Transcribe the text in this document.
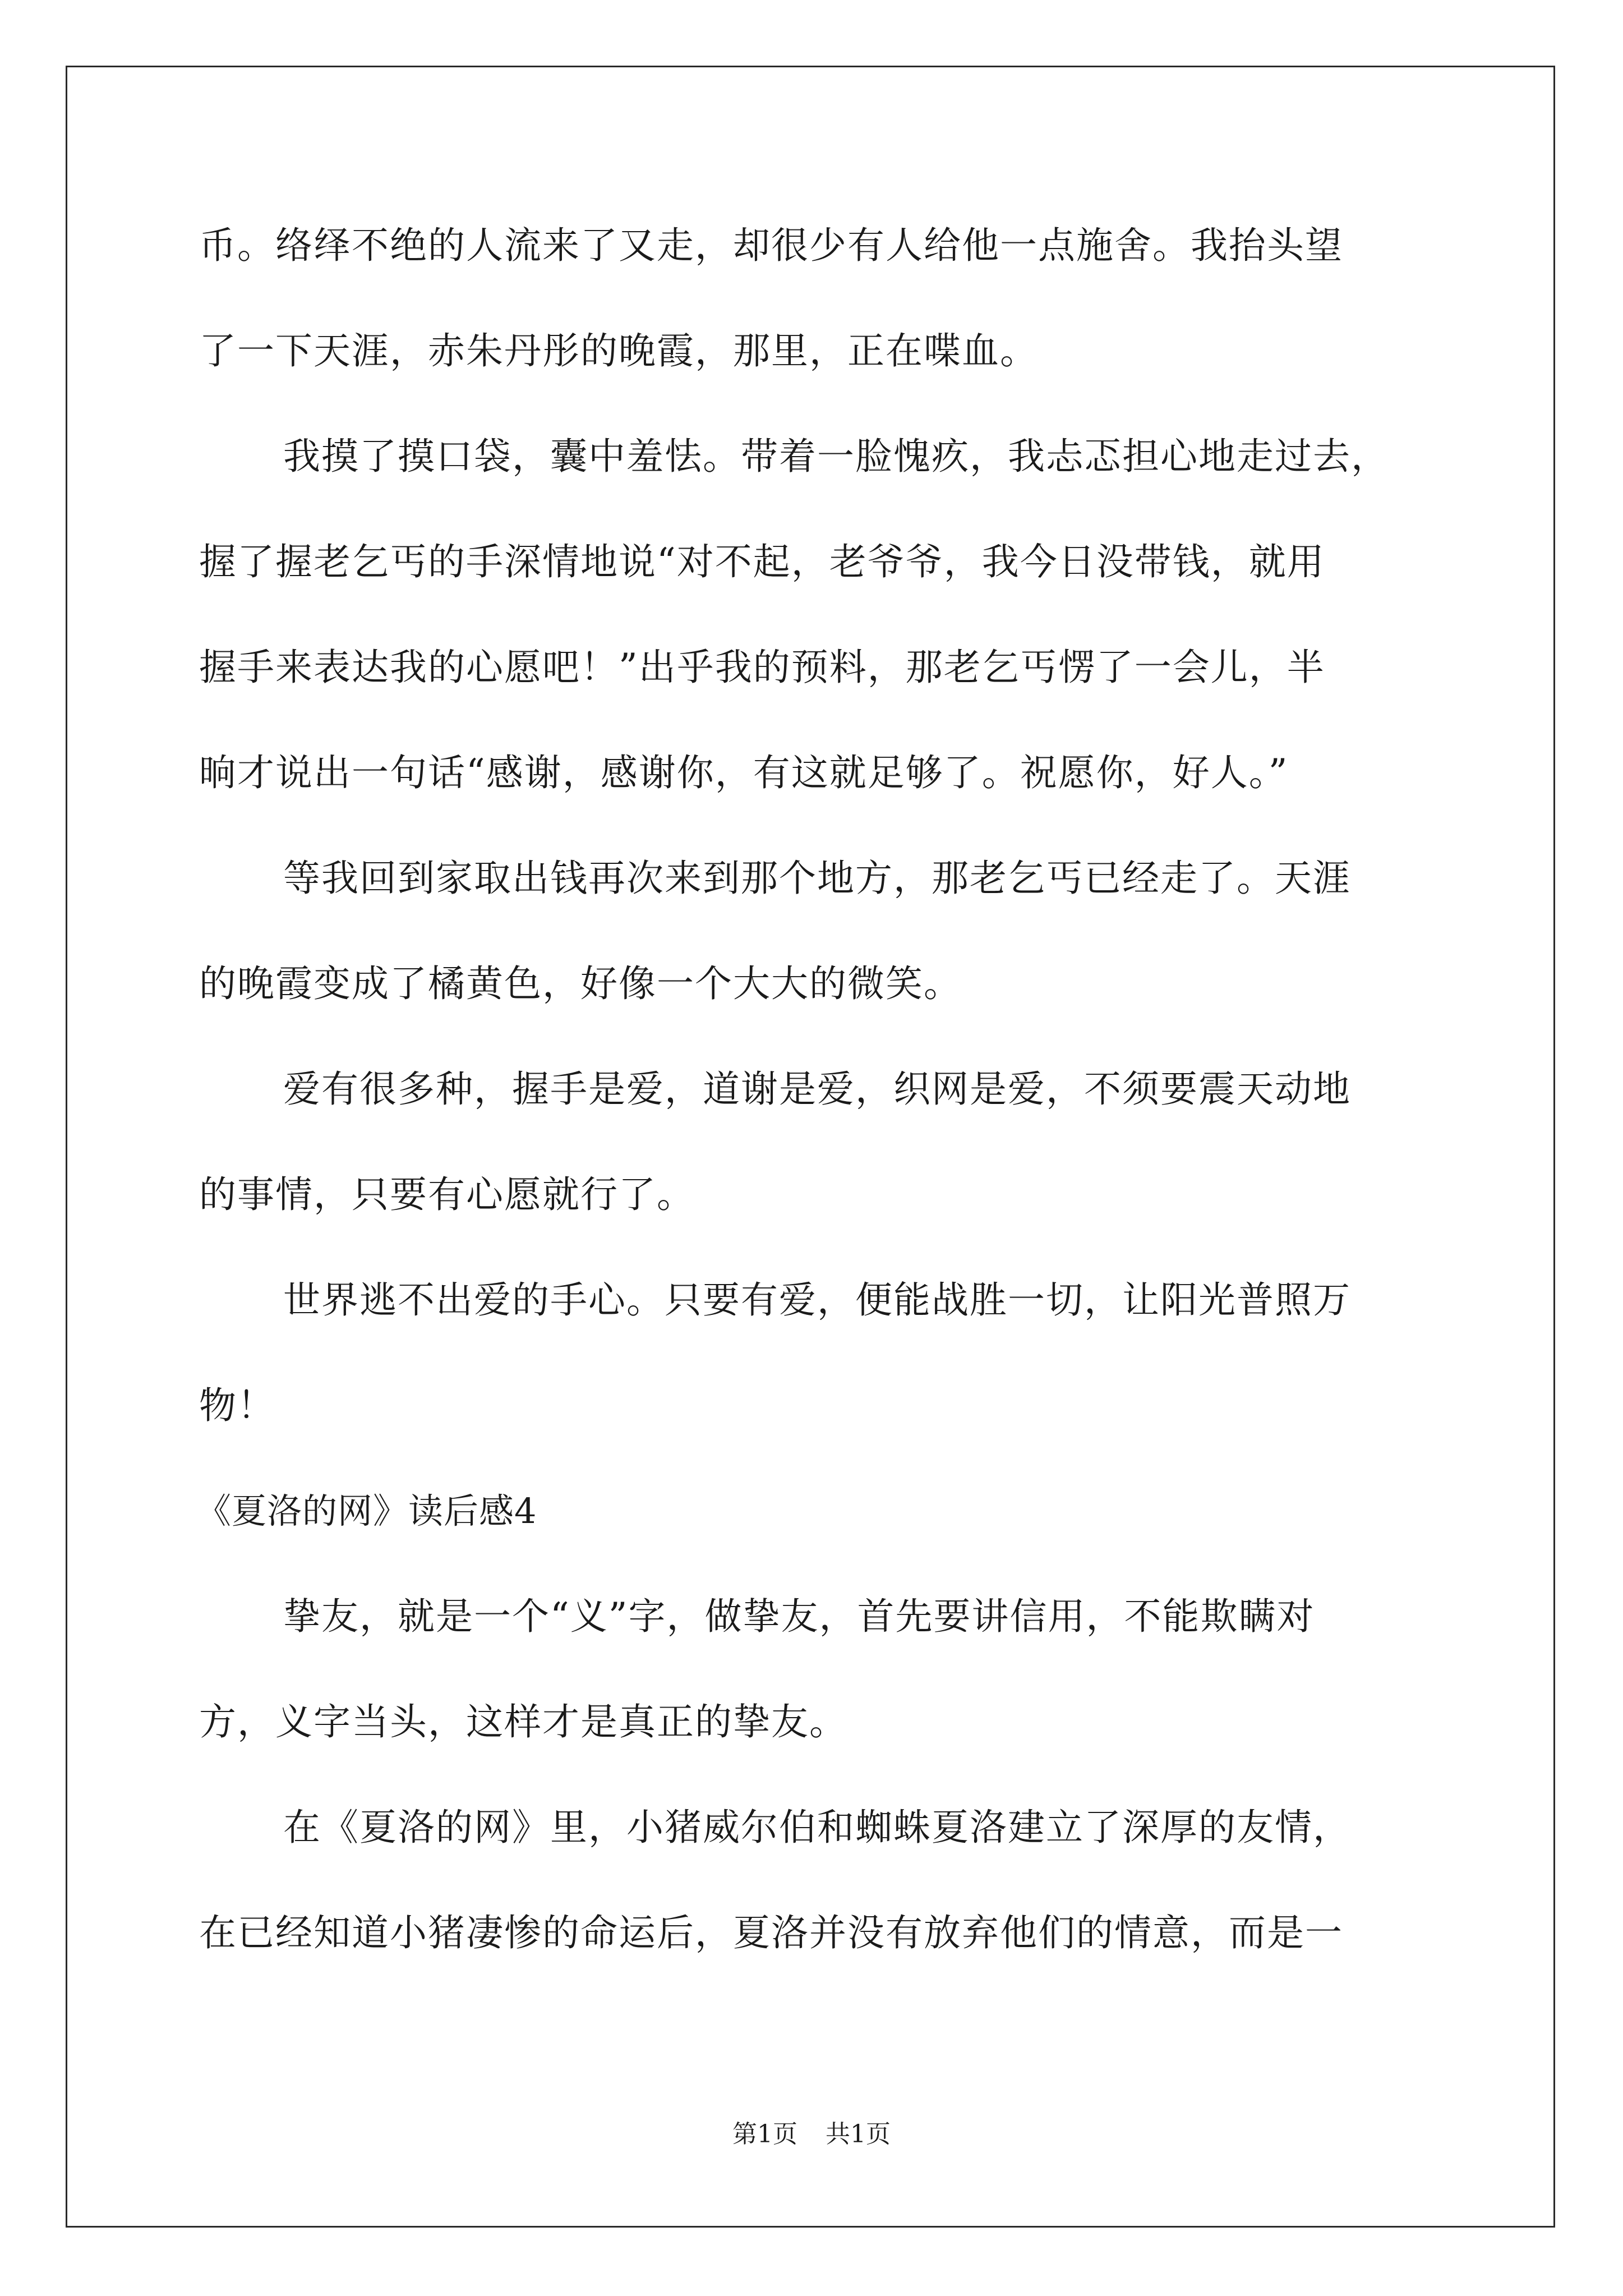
币。络绎不绝的人流来了又走，却很少有人给他一点施舍。我抬头望
了一下天涯，赤朱丹彤的晚霞，那里，正在喋血。
我摸了摸口袋，囊中羞怯。带着一脸愧疚，我忐忑担心地走过去，
握了握老乞丐的手深情地说“对不起，老爷爷，我今日没带钱，就用
握手来表达我的心愿吧！”出乎我的预料，那老乞丐愣了一会儿，半
晌才说出一句话“感谢，感谢你，有这就足够了。祝愿你，好人。”
等我回到家取出钱再次来到那个地方，那老乞丐已经走了。天涯
的晚霞变成了橘黄色，好像一个大大的微笑。
爱有很多种，握手是爱，道谢是爱，织网是爱，不须要震天动地
的事情，只要有心愿就行了。
世界逃不出爱的手心。只要有爱，便能战胜一切，让阳光普照万
物！
《夏洛的网》读后感4
挚友，就是一个“义”字，做挚友，首先要讲信用，不能欺瞒对
方，义字当头，这样才是真正的挚友。
在《夏洛的网》里，小猪威尔伯和蜘蛛夏洛建立了深厚的友情，
在已经知道小猪凄惨的命运后，夏洛并没有放弃他们的情意，而是一
第1页 共1页
